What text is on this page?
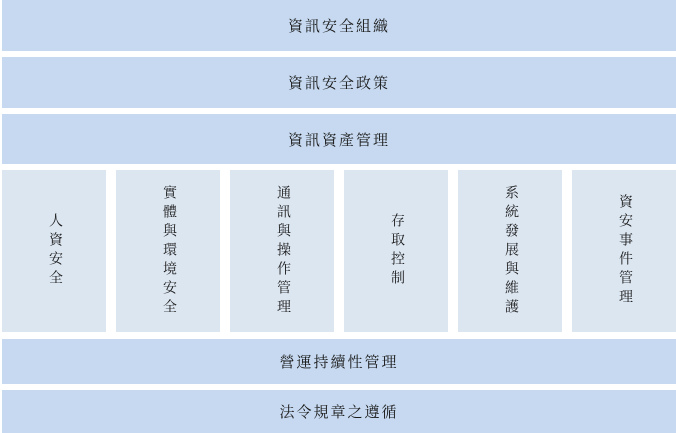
資訊安全組織
資訊安全政策
資訊資產管理
人資安全	實體與環境安全	通訊與操作管理	存取控制	系統發展與維護	資安事件管理
營運持續性管理
法令規章之遵循
